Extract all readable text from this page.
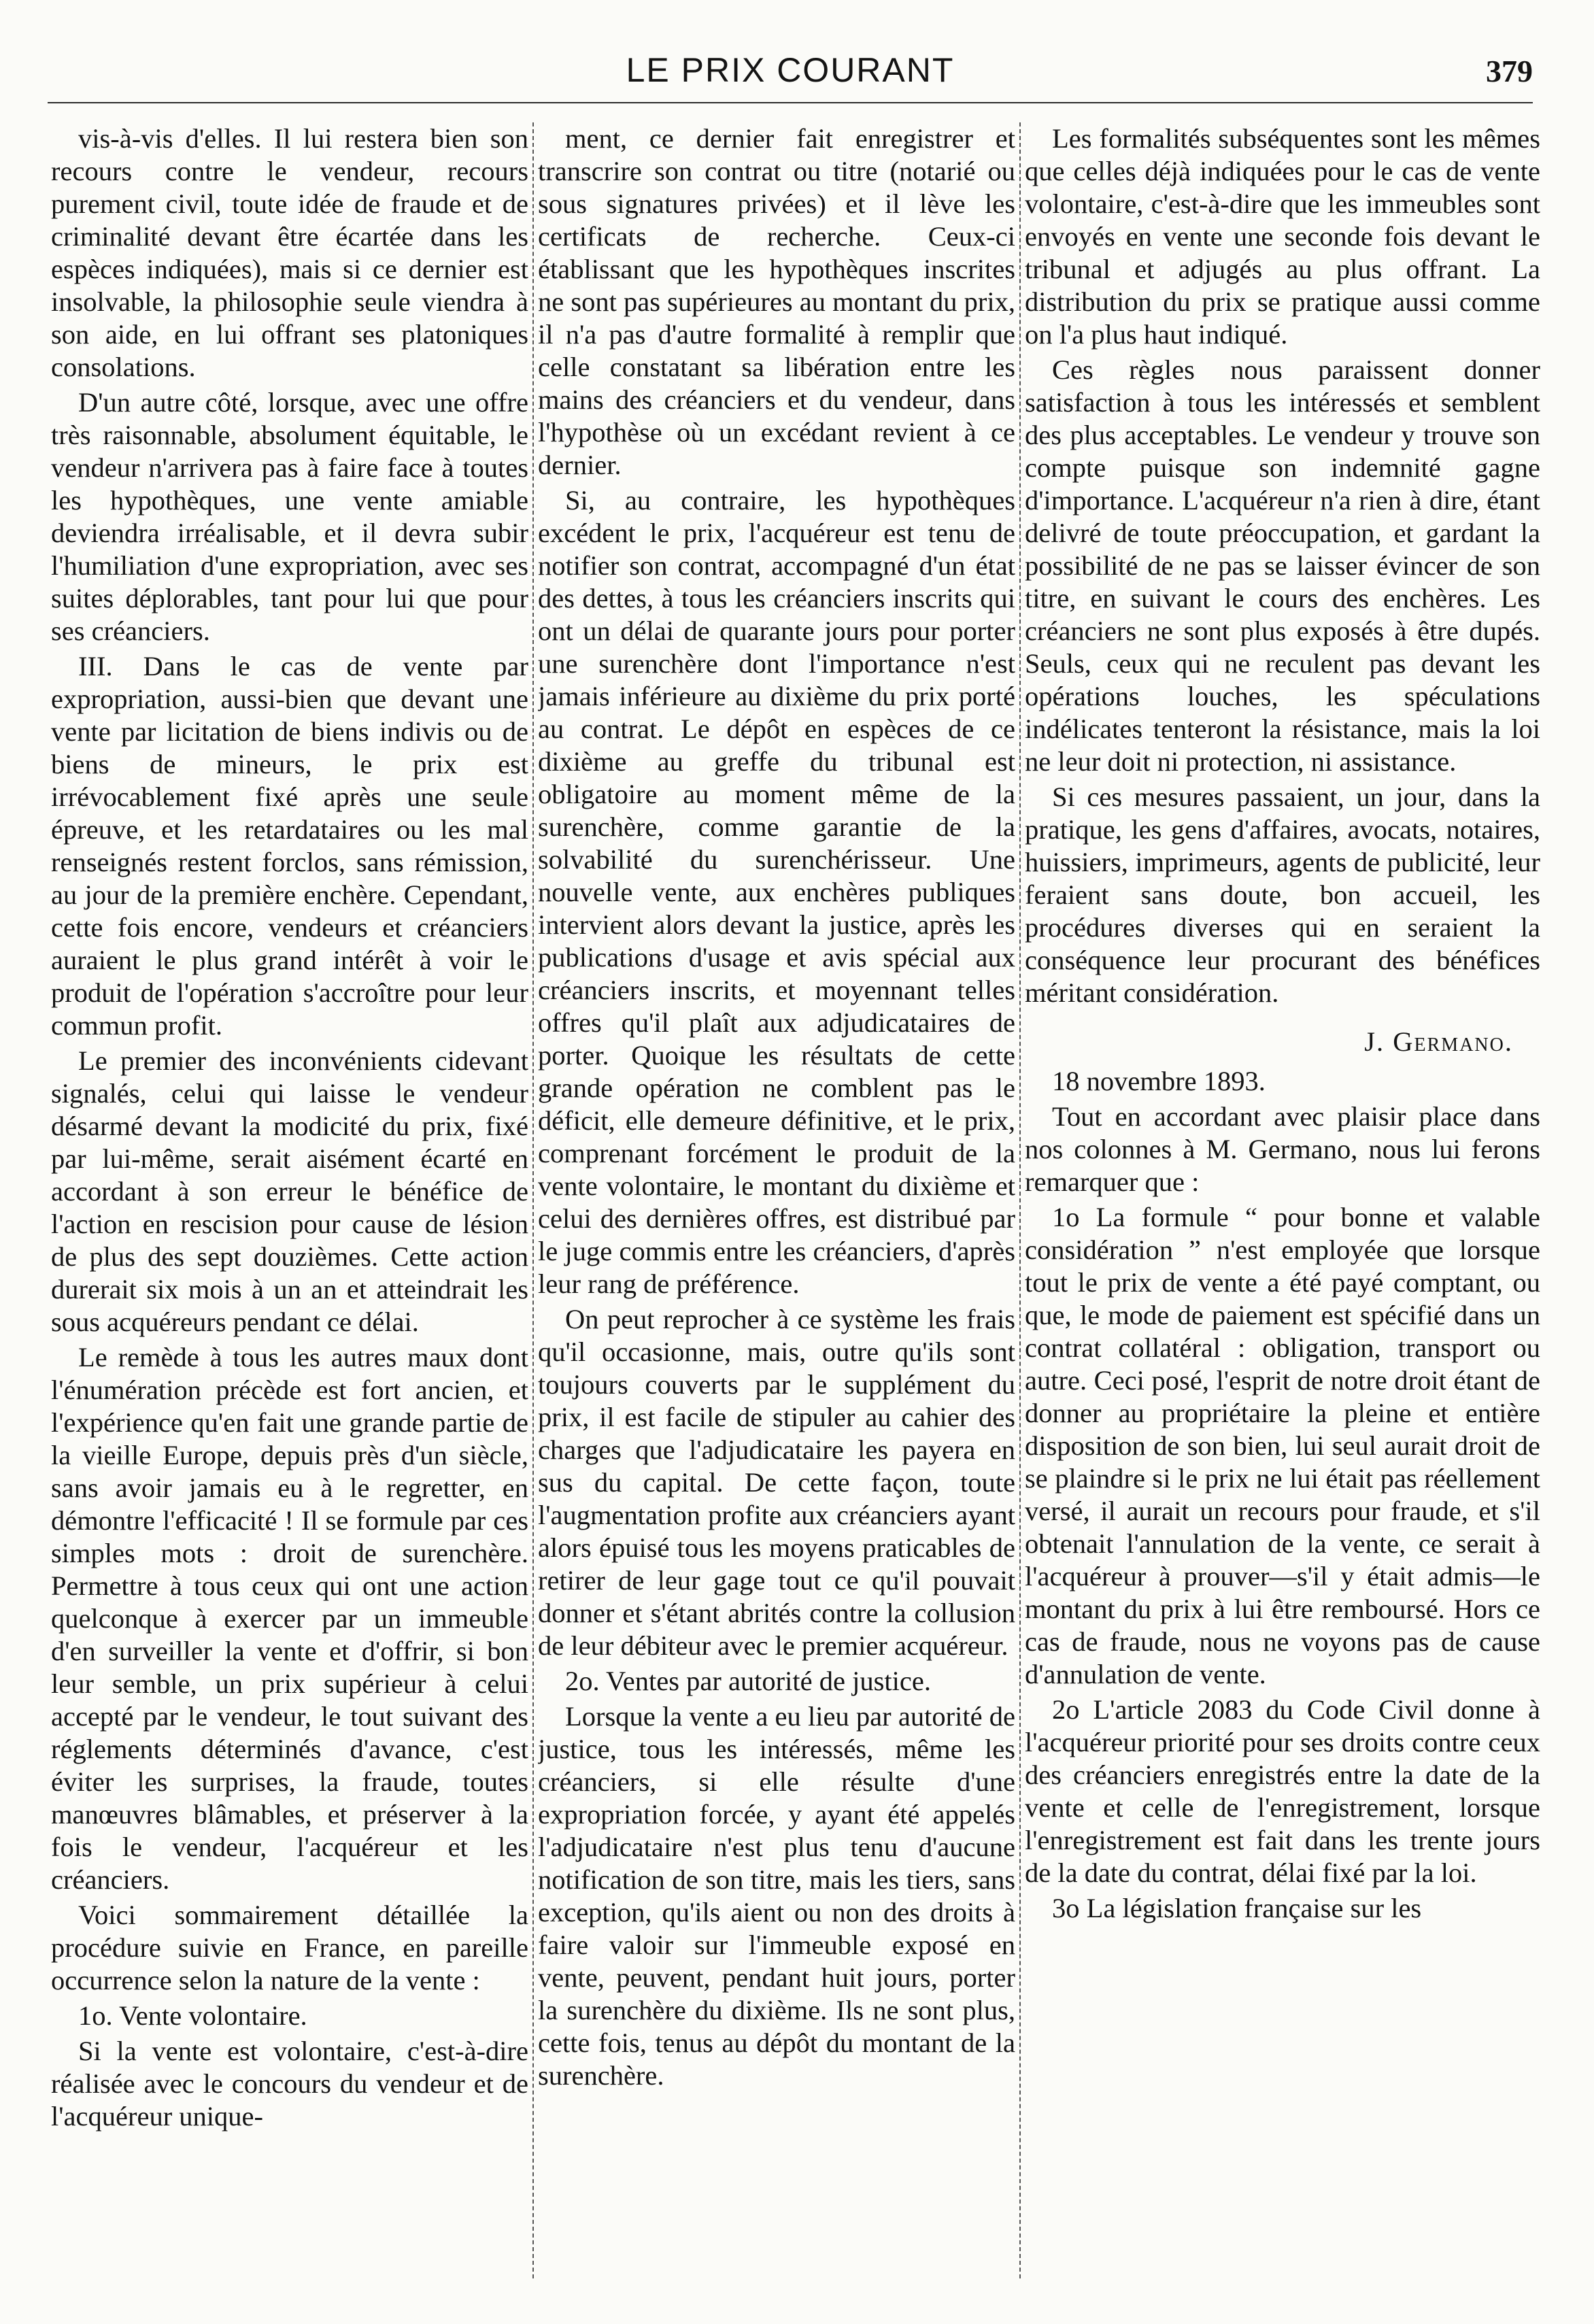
LE PRIX COURANT	379

vis-à-vis d'elles. Il lui restera bien son recours contre le vendeur, recours purement civil, toute idée de fraude et de criminalité devant être écartée dans les espèces indiquées), mais si ce dernier est insolvable, la philosophie seule viendra à son aide, en lui offrant ses platoniques consolations.

D'un autre côté, lorsque, avec une offre très raisonnable, absolument équitable, le vendeur n'arrivera pas à faire face à toutes les hypothèques, une vente amiable deviendra irréalisable, et il devra subir l'humiliation d'une expropriation, avec ses suites déplorables, tant pour lui que pour ses créanciers.

III. Dans le cas de vente par expropriation, aussi-bien que devant une vente par licitation de biens indivis ou de biens de mineurs, le prix est irrévocablement fixé après une seule épreuve, et les retardataires ou les mal renseignés restent forclos, sans rémission, au jour de la première enchère. Cependant, cette fois encore, vendeurs et créanciers auraient le plus grand intérêt à voir le produit de l'opération s'accroître pour leur commun profit.

Le premier des inconvénients cidevant signalés, celui qui laisse le vendeur désarmé devant la modicité du prix, fixé par lui-même, serait aisément écarté en accordant à son erreur le bénéfice de l'action en rescision pour cause de lésion de plus des sept douzièmes. Cette action durerait six mois à un an et atteindrait les sous acquéreurs pendant ce délai.

Le remède à tous les autres maux dont l'énumération précède est fort ancien, et l'expérience qu'en fait une grande partie de la vieille Europe, depuis près d'un siècle, sans avoir jamais eu à le regretter, en démontre l'efficacité ! Il se formule par ces simples mots : droit de surenchère. Permettre à tous ceux qui ont une action quelconque à exercer par un immeuble d'en surveiller la vente et d'offrir, si bon leur semble, un prix supérieur à celui accepté par le vendeur, le tout suivant des réglements déterminés d'avance, c'est éviter les surprises, la fraude, toutes manœuvres blâmables, et préserver à la fois le vendeur, l'acquéreur et les créanciers.

Voici sommairement détaillée la procédure suivie en France, en pareille occurrence selon la nature de la vente :

1o. Vente volontaire.

Si la vente est volontaire, c'est-à-dire réalisée avec le concours du vendeur et de l'acquéreur unique-

ment, ce dernier fait enregistrer et transcrire son contrat ou titre (notarié ou sous signatures privées) et il lève les certificats de recherche. Ceux-ci établissant que les hypothèques inscrites ne sont pas supérieures au montant du prix, il n'a pas d'autre formalité à remplir que celle constatant sa libération entre les mains des créanciers et du vendeur, dans l'hypothèse où un excédant revient à ce dernier.

Si, au contraire, les hypothèques excédent le prix, l'acquéreur est tenu de notifier son contrat, accompagné d'un état des dettes, à tous les créanciers inscrits qui ont un délai de quarante jours pour porter une surenchère dont l'importance n'est jamais inférieure au dixième du prix porté au contrat. Le dépôt en espèces de ce dixième au greffe du tribunal est obligatoire au moment même de la surenchère, comme garantie de la solvabilité du surenchérisseur. Une nouvelle vente, aux enchères publiques intervient alors devant la justice, après les publications d'usage et avis spécial aux créanciers inscrits, et moyennant telles offres qu'il plaît aux adjudicataires de porter. Quoique les résultats de cette grande opération ne comblent pas le déficit, elle demeure définitive, et le prix, comprenant forcément le produit de la vente volontaire, le montant du dixième et celui des dernières offres, est distribué par le juge commis entre les créanciers, d'après leur rang de préférence.

On peut reprocher à ce système les frais qu'il occasionne, mais, outre qu'ils sont toujours couverts par le supplément du prix, il est facile de stipuler au cahier des charges que l'adjudicataire les payera en sus du capital. De cette façon, toute l'augmentation profite aux créanciers ayant alors épuisé tous les moyens praticables de retirer de leur gage tout ce qu'il pouvait donner et s'étant abrités contre la collusion de leur débiteur avec le premier acquéreur.

2o. Ventes par autorité de justice.

Lorsque la vente a eu lieu par autorité de justice, tous les intéressés, même les créanciers, si elle résulte d'une expropriation forcée, y ayant été appelés l'adjudicataire n'est plus tenu d'aucune notification de son titre, mais les tiers, sans exception, qu'ils aient ou non des droits à faire valoir sur l'immeuble exposé en vente, peuvent, pendant huit jours, porter la surenchère du dixième. Ils ne sont plus, cette fois, tenus au dépôt du montant de la surenchère.

Les formalités subséquentes sont les mêmes que celles déjà indiquées pour le cas de vente volontaire, c'est-à-dire que les immeubles sont envoyés en vente une seconde fois devant le tribunal et adjugés au plus offrant. La distribution du prix se pratique aussi comme on l'a plus haut indiqué.

Ces règles nous paraissent donner satisfaction à tous les intéressés et semblent des plus acceptables. Le vendeur y trouve son compte puisque son indemnité gagne d'importance. L'acquéreur n'a rien à dire, étant delivré de toute préoccupation, et gardant la possibilité de ne pas se laisser évincer de son titre, en suivant le cours des enchères. Les créanciers ne sont plus exposés à être dupés. Seuls, ceux qui ne reculent pas devant les opérations louches, les spéculations indélicates tenteront la résistance, mais la loi ne leur doit ni protection, ni assistance.

Si ces mesures passaient, un jour, dans la pratique, les gens d'affaires, avocats, notaires, huissiers, imprimeurs, agents de publicité, leur feraient sans doute, bon accueil, les procédures diverses qui en seraient la conséquence leur procurant des bénéfices méritant considération.

J. Germano.

18 novembre 1893.

Tout en accordant avec plaisir place dans nos colonnes à M. Germano, nous lui ferons remarquer que :

1o La formule “ pour bonne et valable considération ” n'est employée que lorsque tout le prix de vente a été payé comptant, ou que, le mode de paiement est spécifié dans un contrat collatéral : obligation, transport ou autre. Ceci posé, l'esprit de notre droit étant de donner au propriétaire la pleine et entière disposition de son bien, lui seul aurait droit de se plaindre si le prix ne lui était pas réellement versé, il aurait un recours pour fraude, et s'il obtenait l'annulation de la vente, ce serait à l'acquéreur à prouver—s'il y était admis—le montant du prix à lui être remboursé. Hors ce cas de fraude, nous ne voyons pas de cause d'annulation de vente.

2o L'article 2083 du Code Civil donne à l'acquéreur priorité pour ses droits contre ceux des créanciers enregistrés entre la date de la vente et celle de l'enregistrement, lorsque l'enregistrement est fait dans les trente jours de la date du contrat, délai fixé par la loi.

3o La législation française sur les
